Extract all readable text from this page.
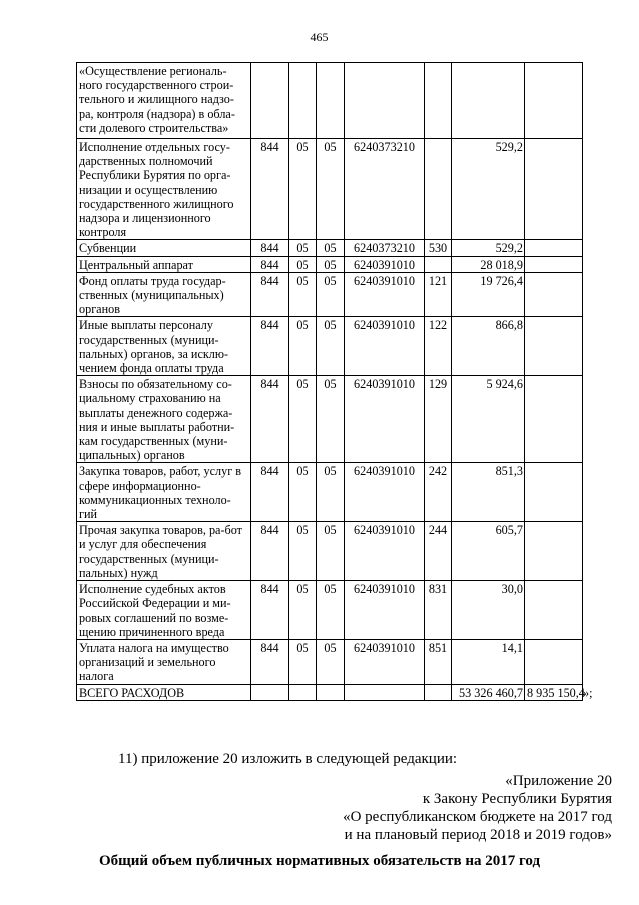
465
«Осуществление региональ-ного государственного строи-тельного и жилищного надзо-ра, контроля (надзора) в обла-сти долевого строительства»							
Исполнение отдельных госу-дарственных полномочий Республики Бурятия по орга-низации и осуществлению государственного жилищного надзора и лицензионного контроля	844	05	05	6240373210		529,2	
Субвенции	844	05	05	6240373210	530	529,2	
Центральный аппарат	844	05	05	6240391010		28 018,9	
Фонд оплаты труда государ-ственных (муниципальных) органов	844	05	05	6240391010	121	19 726,4	
Иные выплаты персоналу государственных (муници-пальных) органов, за исклю-чением фонда оплаты труда	844	05	05	6240391010	122	866,8	
Взносы по обязательному со-циальному страхованию на выплаты денежного содержа-ния и иные выплаты работни-кам государственных (муни-ципальных) органов	844	05	05	6240391010	129	5 924,6	
Закупка товаров, работ, услуг в сфере информационно-коммуникационных техноло-гий	844	05	05	6240391010	242	851,3	
Прочая закупка товаров, ра-бот и услуг для обеспечения государственных (муници-пальных) нужд	844	05	05	6240391010	244	605,7	
Исполнение судебных актов Российской Федерации и ми-ровых соглашений по возме-щению причиненного вреда	844	05	05	6240391010	831	30,0	
Уплата налога на имущество организаций и земельного налога	844	05	05	6240391010	851	14,1	
ВСЕГО РАСХОДОВ						53 326 460,7	8 935 150,4
»;
11) приложение 20 изложить в следующей редакции:
«Приложение 20
к Закону Республики Бурятия
«О республиканском бюджете на 2017 год
и на плановый период 2018 и 2019 годов»
Общий объем публичных нормативных обязательств на 2017 год
